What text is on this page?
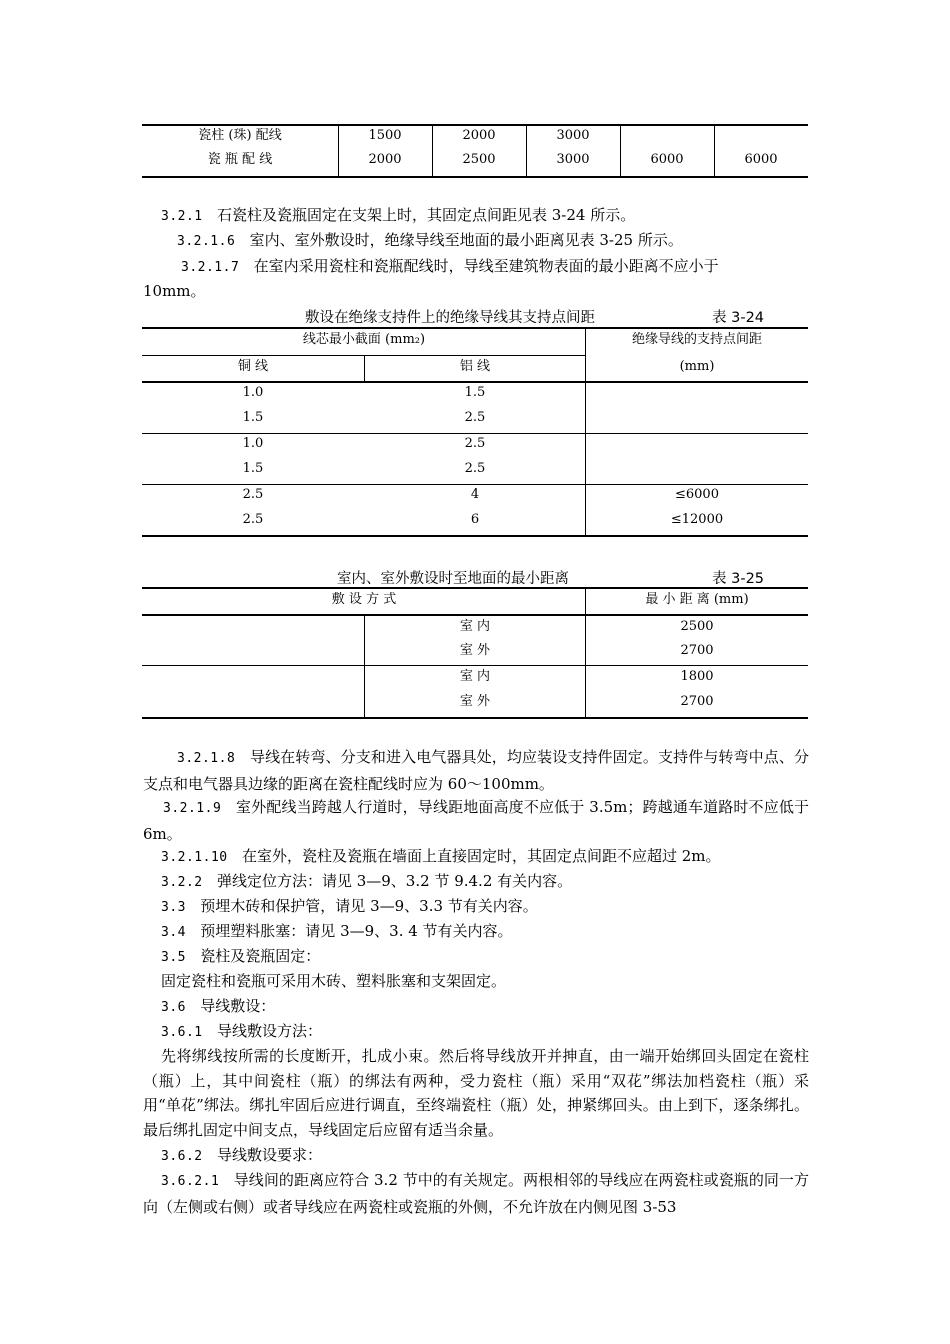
瓷柱 (珠) 配线	1500	2000	3000
瓷 瓶 配 线	2000	2500	3000	6000	6000
3.2.1 石瓷柱及瓷瓶固定在支架上时，其固定点间距见表 3-24 所示。
3.2.1.6 室内、室外敷设时，绝缘导线至地面的最小距离见表 3-25 所示。
3.2.1.7 在室内采用瓷柱和瓷瓶配线时，导线至建筑物表面的最小距离不应小于
10mm。
敷设在绝缘支持件上的绝缘导线其支持点间距	表 3-24
线芯最小截面 (mm₂)
铜 线	铝 线
绝缘导线的支持点间距
(mm)
1.0	1.5
1.5	2.5
1.0	2.5
1.5	2.5
2.5	4	≤6000
2.5	6	≤12000
室内、室外敷设时至地面的最小距离	表 3-25
敷 设 方 式	最 小 距 离 (mm)
室 内	2500
室 外	2700
室 内	1800
室 外	2700
3.2.1.8 导线在转弯、分支和进入电气器具处，均应装设支持件固定。支持件与转弯中点、分支点和电气器具边缘的距离在瓷柱配线时应为 60～100mm。
3.2.1.9 室外配线当跨越人行道时，导线距地面高度不应低于 3.5m；跨越通车道路时不应低于 6m。
3.2.1.10 在室外，瓷柱及瓷瓶在墙面上直接固定时，其固定点间距不应超过 2m。
3.2.2 弹线定位方法：请见 3—9、3.2 节 9.4.2 有关内容。
3.3 预埋木砖和保护管，请见 3—9、3.3 节有关内容。
3.4 预埋塑料胀塞：请见 3—9、3. 4 节有关内容。
3.5 瓷柱及瓷瓶固定：
固定瓷柱和瓷瓶可采用木砖、塑料胀塞和支架固定。
3.6 导线敷设：
3.6.1 导线敷设方法：
先将绑线按所需的长度断开，扎成小束。然后将导线放开并抻直，由一端开始绑回头固定在瓷柱（瓶）上，其中间瓷柱（瓶）的绑法有两种，受力瓷柱（瓶）采用“双花”绑法加档瓷柱（瓶）采用“单花”绑法。绑扎牢固后应进行调直，至终端瓷柱（瓶）处，抻紧绑回头。由上到下，逐条绑扎。最后绑扎固定中间支点，导线固定后应留有适当余量。
3.6.2 导线敷设要求：
3.6.2.1 导线间的距离应符合 3.2 节中的有关规定。两根相邻的导线应在两瓷柱或瓷瓶的同一方向（左侧或右侧）或者导线应在两瓷柱或瓷瓶的外侧，不允许放在内侧见图 3-53
